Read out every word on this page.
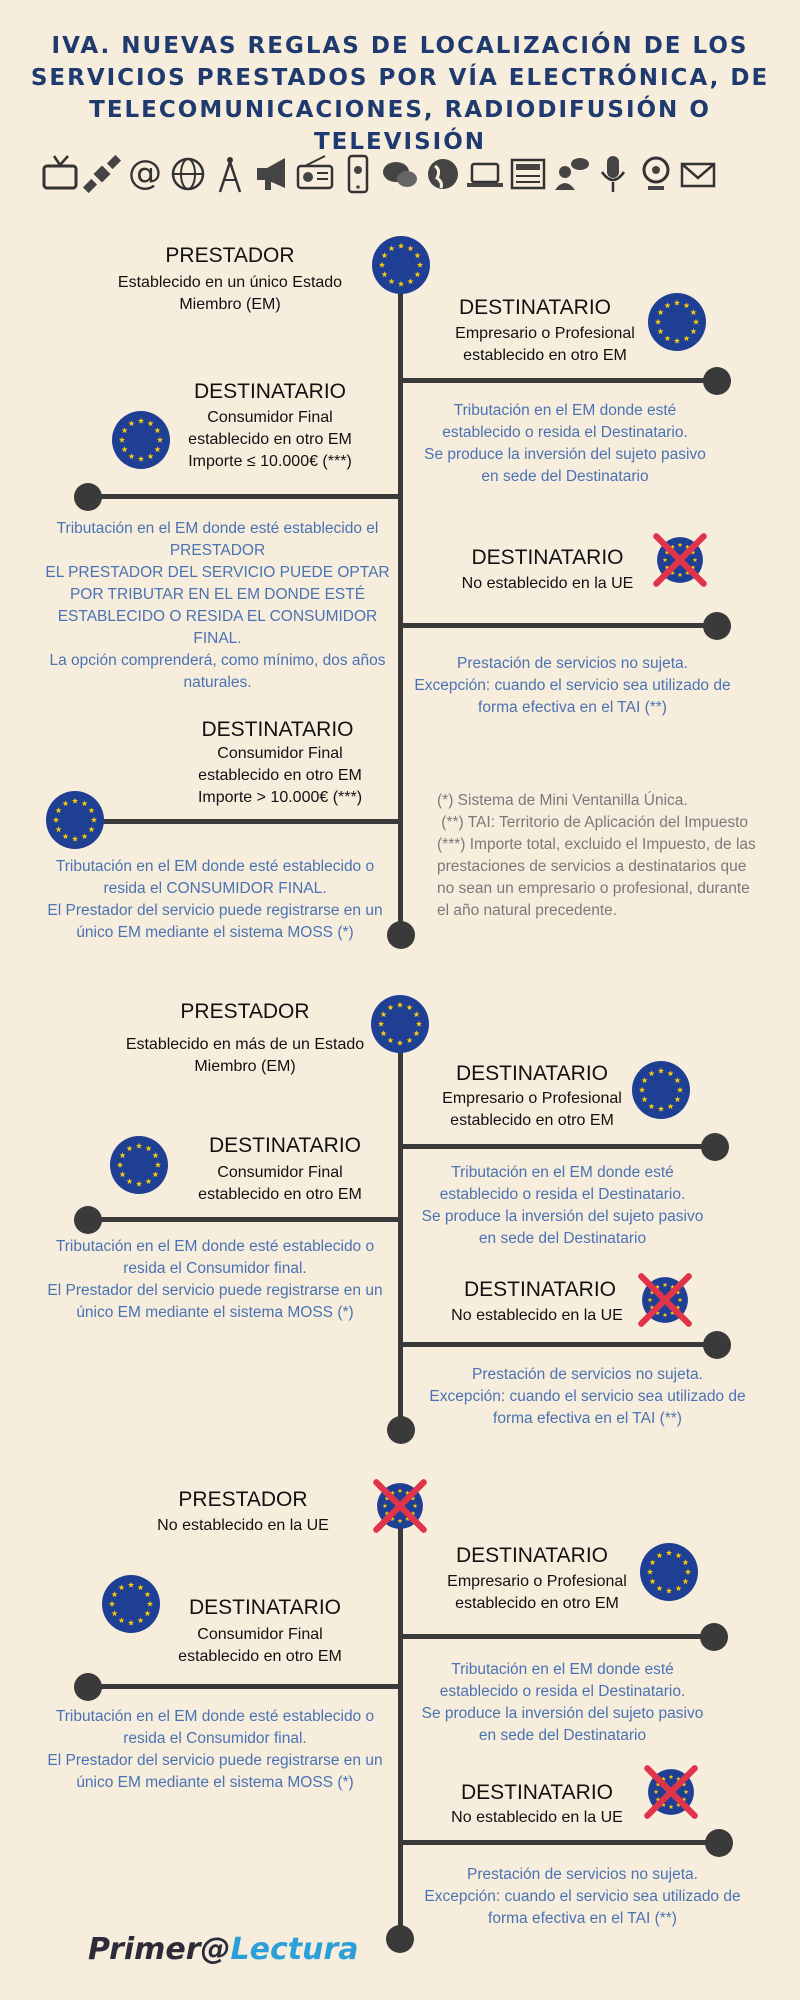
IVA. NUEVAS REGLAS DE LOCALIZACIÓN DE LOS
SERVICIOS PRESTADOS POR VÍA ELECTRÓNICA, DE
TELECOMUNICACIONES, RADIODIFUSIÓN O TELEVISIÓN
@
PRESTADOR
Establecido en un único Estado
Miembro (EM)	DESTINATARIO
Empresario o Profesional
establecido en otro EM
Tributación en el EM donde esté
establecido o resida el Destinatario.
Se produce la inversión del sujeto pasivo
en sede del Destinatario
DESTINATARIO
Consumidor Final
establecido en otro EM
Importe ≤ 10.000€ (***)
Tributación en el EM donde esté establecido el
PRESTADOR
EL PRESTADOR DEL SERVICIO PUEDE OPTAR
POR TRIBUTAR EN EL EM DONDE ESTÉ
ESTABLECIDO O RESIDA EL CONSUMIDOR
FINAL.
La opción comprenderá, como mínimo, dos años
naturales.
DESTINATARIO
No establecido en la UE
Prestación de servicios no sujeta.
Excepción: cuando el servicio sea utilizado de
forma efectiva en el TAI (**)
DESTINATARIO
Consumidor Final
establecido en otro EM
Importe > 10.000€ (***)
Tributación en el EM donde esté establecido o
resida el CONSUMIDOR FINAL.
El Prestador del servicio puede registrarse en un
único EM mediante el sistema MOSS (*)
(*) Sistema de Mini Ventanilla Única.
(**) TAI: Territorio de Aplicación del Impuesto
(***) Importe total, excluido el Impuesto, de las
prestaciones de servicios a destinatarios que
no sean un empresario o profesional, durante
el año natural precedente.
PRESTADOR
Establecido en más de un Estado
Miembro (EM)	DESTINATARIO
Empresario o Profesional
establecido en otro EM
Tributación en el EM donde esté
establecido o resida el Destinatario.
Se produce la inversión del sujeto pasivo
en sede del Destinatario
DESTINATARIO
Consumidor Final
establecido en otro EM
Tributación en el EM donde esté establecido o
resida el Consumidor final.
El Prestador del servicio puede registrarse en un
único EM mediante el sistema MOSS (*)
DESTINATARIO
No establecido en la UE
Prestación de servicios no sujeta.
Excepción: cuando el servicio sea utilizado de
forma efectiva en el TAI (**)
PRESTADOR
No establecido en la UE
DESTINATARIO
Empresario o Profesional
establecido en otro EM
Tributación en el EM donde esté
establecido o resida el Destinatario.
Se produce la inversión del sujeto pasivo
en sede del Destinatario
DESTINATARIO
Consumidor Final
establecido en otro EM
Tributación en el EM donde esté establecido o
resida el Consumidor final.
El Prestador del servicio puede registrarse en un
único EM mediante el sistema MOSS (*)	DESTINATARIO
No establecido en la UE
Prestación de servicios no sujeta.
Excepción: cuando el servicio sea utilizado de
forma efectiva en el TAI (**)
Primer@Lectura
